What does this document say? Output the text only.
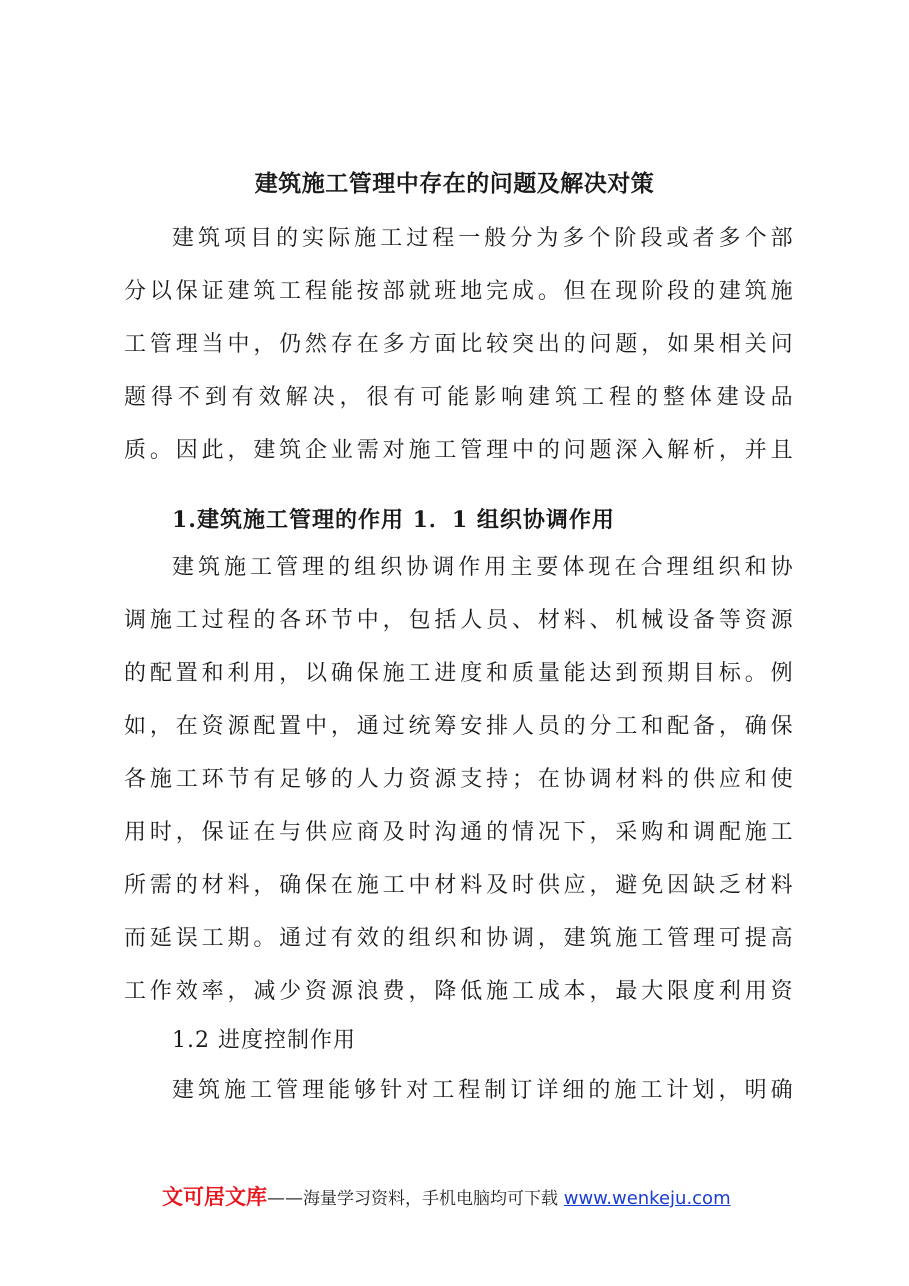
建筑施工管理中存在的问题及解决对策

建筑项目的实际施工过程一般分为多个阶段或者多个部分以保证建筑工程能按部就班地完成。但在现阶段的建筑施工管理当中，仍然存在多方面比较突出的问题，如果相关问题得不到有效解决，很有可能影响建筑工程的整体建设品质。因此，建筑企业需对施工管理中的问题深入解析，并且

1.建筑施工管理的作用 1．1 组织协调作用

建筑施工管理的组织协调作用主要体现在合理组织和协调施工过程的各环节中，包括人员、材料、机械设备等资源的配置和利用，以确保施工进度和质量能达到预期目标。例如，在资源配置中，通过统筹安排人员的分工和配备，确保各施工环节有足够的人力资源支持；在协调材料的供应和使用时，保证在与供应商及时沟通的情况下，采购和调配施工所需的材料，确保在施工中材料及时供应，避免因缺乏材料而延误工期。通过有效的组织和协调，建筑施工管理可提高工作效率，减少资源浪费，降低施工成本，最大限度利用资

1.2 进度控制作用

建筑施工管理能够针对工程制订详细的施工计划，明确

文可居文库——海量学习资料，手机电脑均可下载 www.wenkeju.com
